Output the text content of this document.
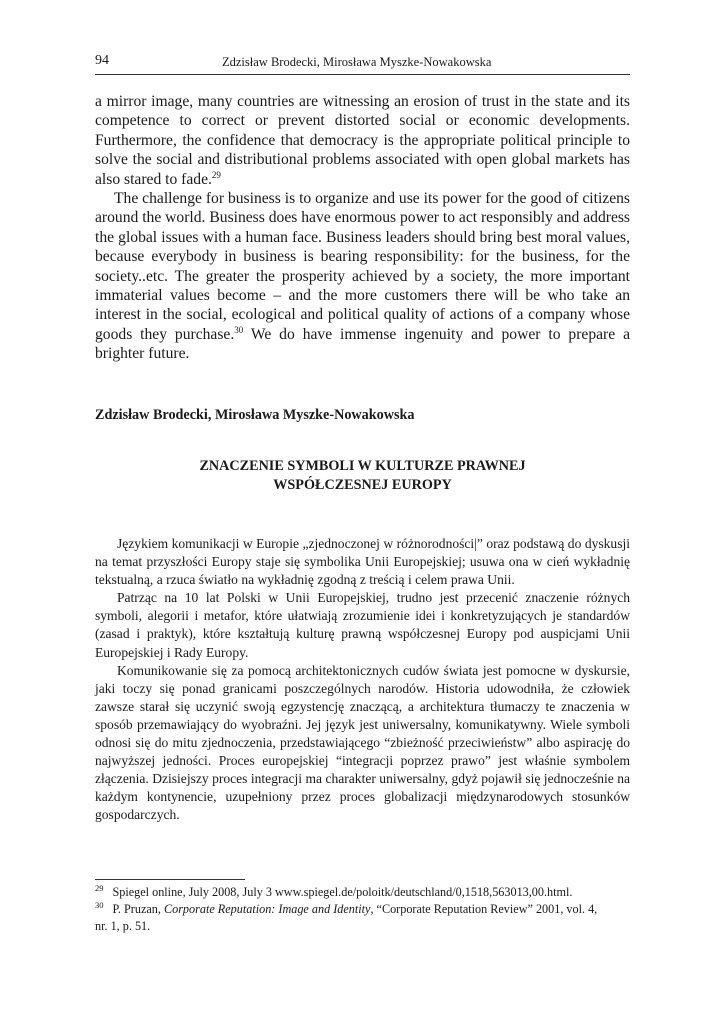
94	Zdzisław Brodecki, Mirosława Myszke-Nowakowska

a mirror image, many countries are witnessing an erosion of trust in the state and its competence to correct or prevent distorted social or economic developments. Furthermore, the confidence that democracy is the appropriate political principle to solve the social and distributional problems associated with open global markets has also stared to fade.$^{29}$

The challenge for business is to organize and use its power for the good of citizens around the world. Business does have enormous power to act responsibly and address the global issues with a human face. Business leaders should bring best moral values, because everybody in business is bearing responsibility: for the business, for the society..etc. The greater the prosperity achieved by a society, the more important immaterial values become – and the more customers there will be who take an interest in the social, ecological and political quality of actions of a company whose goods they purchase.$^{30}$ We do have immense ingenuity and power to prepare a brighter future.

Zdzisław Brodecki, Mirosława Myszke-Nowakowska
ZNACZENIE SYMBOLI W KULTURZE PRAWNEJ
WSPÓŁCZESNEJ EUROPY

Językiem komunikacji w Europie „zjednoczonej w różnorodności|” oraz podstawą do dyskusji na temat przyszłości Europy staje się symbolika Unii Europejskiej; usuwa ona w cień wykładnię tekstualną, a rzuca światło na wykładnię zgodną z treścią i celem prawa Unii.

Patrząc na 10 lat Polski w Unii Europejskiej, trudno jest przecenić znaczenie różnych symboli, alegorii i metafor, które ułatwiają zrozumienie idei i konkretyzujących je standardów (zasad i praktyk), które kształtują kulturę prawną współczesnej Europy pod auspicjami Unii Europejskiej i Rady Europy.

Komunikowanie się za pomocą architektonicznych cudów świata jest pomocne w dyskursie, jaki toczy się ponad granicami poszczególnych narodów. Historia udowodniła, że człowiek zawsze starał się uczynić swoją egzystencję znaczącą, a architektura tłumaczy te znaczenia w sposób przemawiający do wyobraźni. Jej język jest uniwersalny, komunikatywny. Wiele symboli odnosi się do mitu zjednoczenia, przedstawiającego “zbieżność przeciwieństw” albo aspirację do najwyższej jedności. Proces europejskiej “integracji poprzez prawo” jest właśnie symbolem złączenia. Dzisiejszy proces integracji ma charakter uniwersalny, gdyż pojawił się jednocześnie na każdym kontynencie, uzupełniony przez proces globalizacji międzynarodowych stosunków gospodarczych.

$^{29}$ Spiegel online, July 2008, July 3 www.spiegel.de/poloitk/deutschland/0,1518,563013,00.html.

$^{30}$ P. Pruzan, Corporate Reputation: Image and Identity, “Corporate Reputation Review” 2001, vol. 4,

nr. 1, p. 51.
